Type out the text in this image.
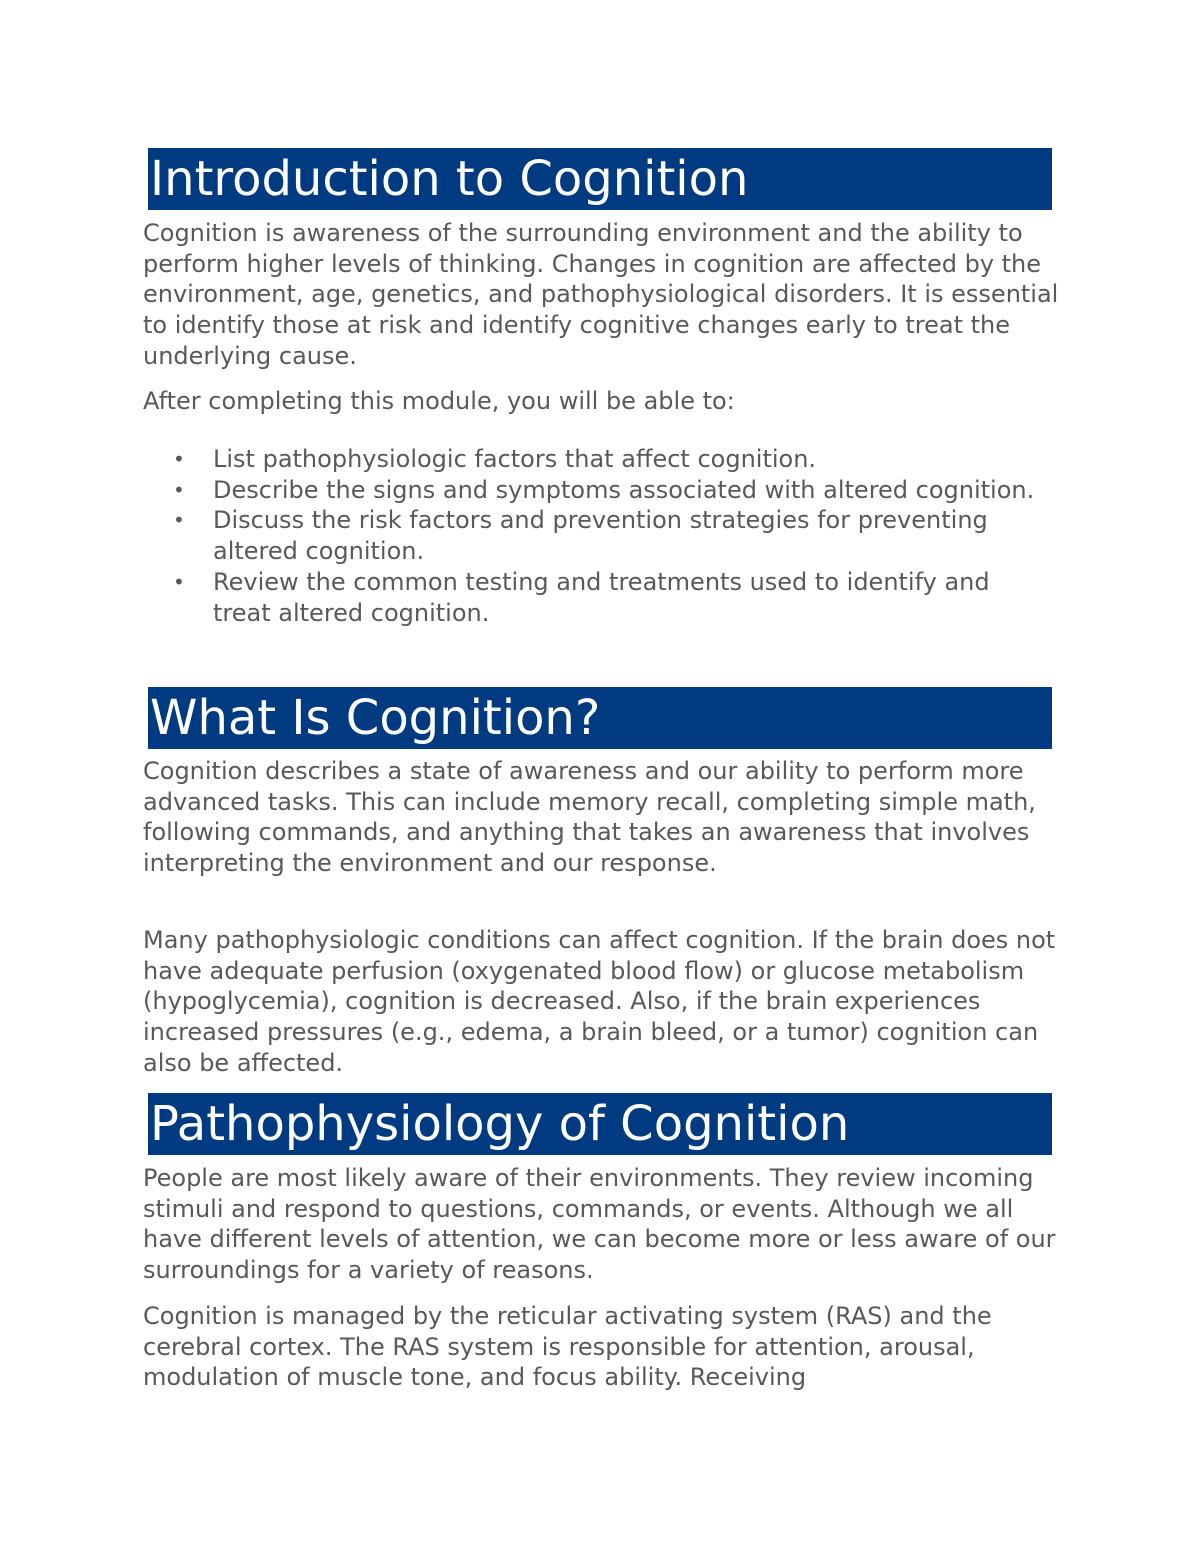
Introduction to Cognition

Cognition is awareness of the surrounding environment and the ability to perform higher levels of thinking. Changes in cognition are affected by the environment, age, genetics, and pathophysiological disorders. It is essential to identify those at risk and identify cognitive changes early to treat the underlying cause.

After completing this module, you will be able to:

• List pathophysiologic factors that affect cognition.
• Describe the signs and symptoms associated with altered cognition.
• Discuss the risk factors and prevention strategies for preventing altered cognition.
• Review the common testing and treatments used to identify and treat altered cognition.
What Is Cognition?

Cognition describes a state of awareness and our ability to perform more advanced tasks. This can include memory recall, completing simple math, following commands, and anything that takes an awareness that involves interpreting the environment and our response.

Many pathophysiologic conditions can affect cognition. If the brain does not have adequate perfusion (oxygenated blood flow) or glucose metabolism (hypoglycemia), cognition is decreased. Also, if the brain experiences increased pressures (e.g., edema, a brain bleed, or a tumor) cognition can also be affected.

Pathophysiology of Cognition

People are most likely aware of their environments. They review incoming stimuli and respond to questions, commands, or events. Although we all have different levels of attention, we can become more or less aware of our surroundings for a variety of reasons.

Cognition is managed by the reticular activating system (RAS) and the cerebral cortex. The RAS system is responsible for attention, arousal, modulation of muscle tone, and focus ability. Receiving
